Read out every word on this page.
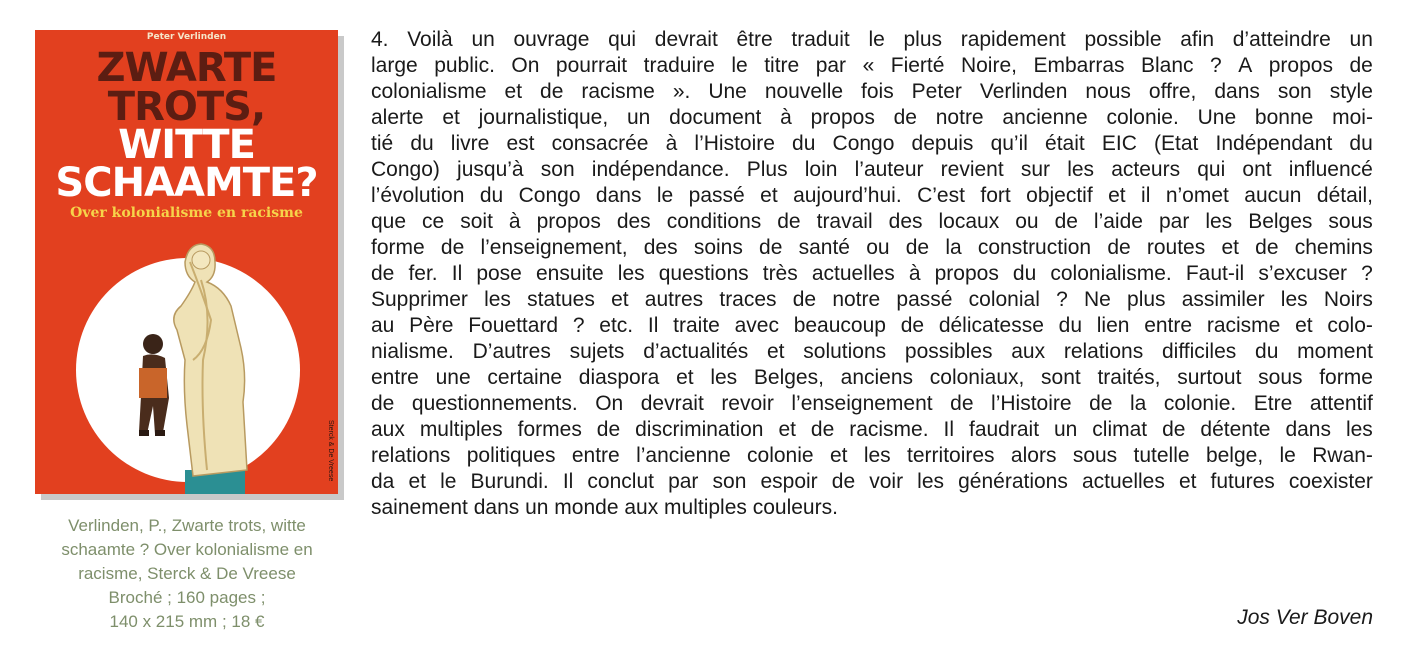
Peter Verlinden
ZWARTE
TROTS,
WITTE
SCHAAMTE?
Over kolonialisme en racisme
Sterck & De Vreese
Verlinden, P., Zwarte trots, witte
schaamte ? Over kolonialisme en
racisme, Sterck & De Vreese
Broché ; 160 pages ;
140 x 215 mm ; 18 €
4. Voilà un ouvrage qui devrait être traduit le plus rapidement possible afin d’atteindre un
large public. On pourrait traduire le titre par « Fierté Noire, Embarras Blanc ? A propos de
colonialisme et de racisme ». Une nouvelle fois Peter Verlinden nous offre, dans son style
alerte et journalistique, un document à propos de notre ancienne colonie. Une bonne moi-
tié du livre est consacrée à l’Histoire du Congo depuis qu’il était EIC (Etat Indépendant du
Congo) jusqu’à son indépendance. Plus loin l’auteur revient sur les acteurs qui ont influencé
l’évolution du Congo dans le passé et aujourd’hui. C’est fort objectif et il n’omet aucun détail,
que ce soit à propos des conditions de travail des locaux ou de l’aide par les Belges sous
forme de l’enseignement, des soins de santé ou de la construction de routes et de chemins
de fer. Il pose ensuite les questions très actuelles à propos du colonialisme. Faut-il s’excuser ?
Supprimer les statues et autres traces de notre passé colonial ? Ne plus assimiler les Noirs
au Père Fouettard ? etc. Il traite avec beaucoup de délicatesse du lien entre racisme et colo-
nialisme. D’autres sujets d’actualités et solutions possibles aux relations difficiles du moment
entre une certaine diaspora et les Belges, anciens coloniaux, sont traités, surtout sous forme
de questionnements. On devrait revoir l’enseignement de l’Histoire de la colonie. Etre attentif
aux multiples formes de discrimination et de racisme. Il faudrait un climat de détente dans les
relations politiques entre l’ancienne colonie et les territoires alors sous tutelle belge, le Rwan-
da et le Burundi. Il conclut par son espoir de voir les générations actuelles et futures coexister
sainement dans un monde aux multiples couleurs.
Jos Ver Boven
